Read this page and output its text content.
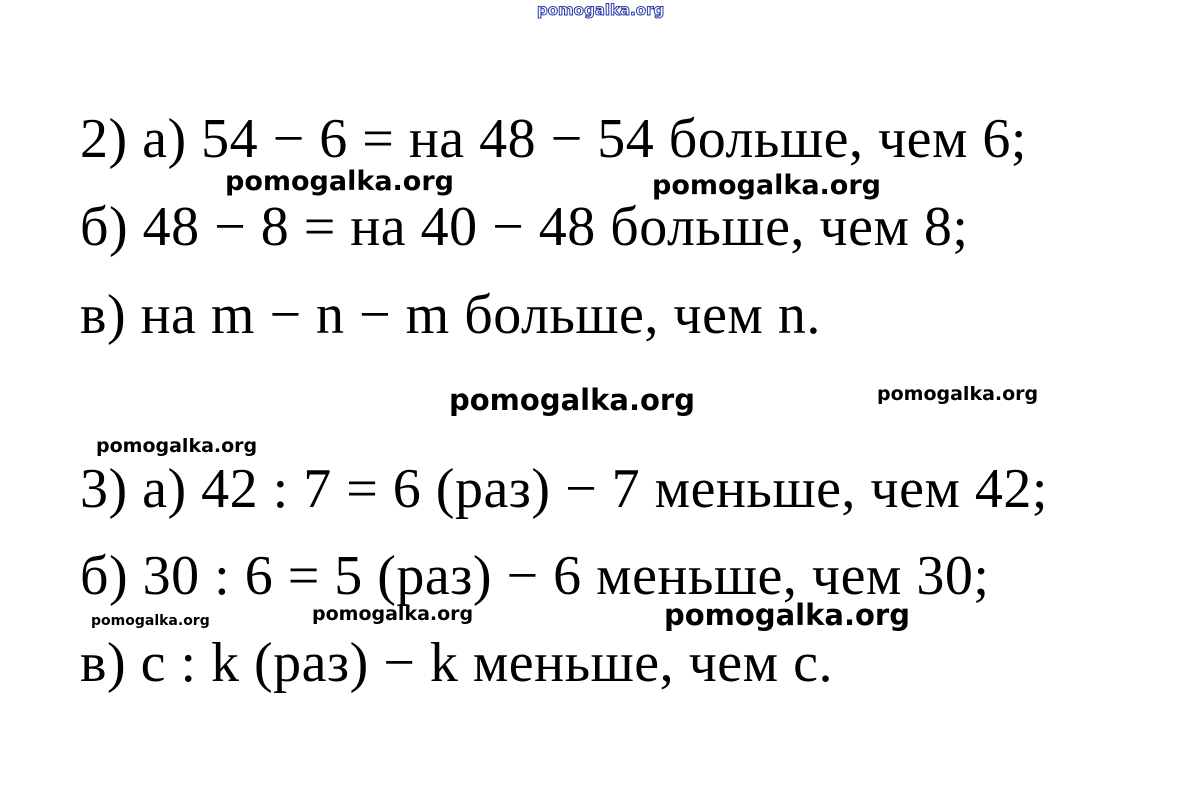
pomogalka.org
2) а) 54 − 6 = на 48 − 54 больше, чем 6;
pomogalka.org	pomogalka.org
б) 48 − 8 = на 40 − 48 больше, чем 8;
в) на m − n − m больше, чем n.
pomogalka.org	pomogalka.org
pomogalka.org
3) а) 42 : 7 = 6 (раз) − 7 меньше, чем 42;
б) 30 : 6 = 5 (раз) − 6 меньше, чем 30;
pomogalka.org	pomogalka.org
pomogalka.org
в) c : k (раз) − k меньше, чем c.
